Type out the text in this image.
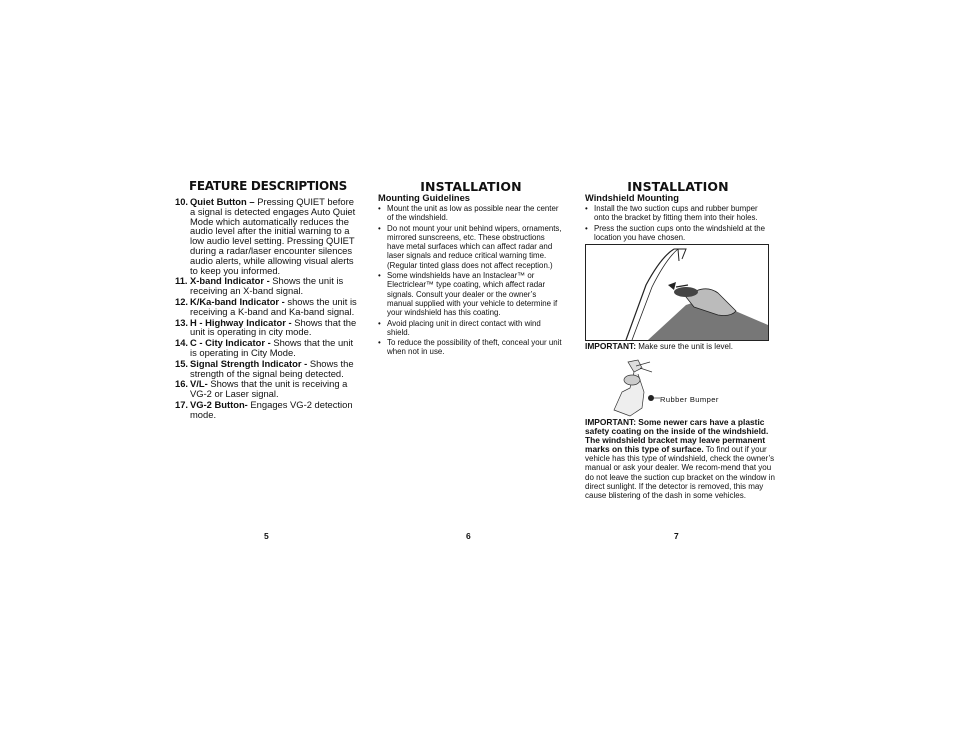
FEATURE DESCRIPTIONS
10. Quiet Button – Pressing QUIET before a signal is detected engages Auto Quiet Mode which automatically reduces the audio level after the initial warning to a low audio level setting. Pressing QUIET during a radar/laser encounter silences audio alerts, while allowing visual alerts to keep you informed.
11. X-band Indicator - Shows the unit is receiving an X-band signal.
12. K/Ka-band Indicator - shows the unit is receiving a K-band and Ka-band signal.
13. H - Highway Indicator - Shows that the unit is operating in city mode.
14. C - City Indicator - Shows that the unit is operating in City Mode.
15. Signal Strength Indicator - Shows the strength of the signal being detected.
16. V/L- Shows that the unit is receiving a VG-2 or Laser signal.
17. VG-2 Button- Engages VG-2 detection mode.
INSTALLATION
Mounting Guidelines
• Mount the unit as low as possible near the center of the windshield.
• Do not mount your unit behind wipers, ornaments, mirrored sunscreens, etc. These obstructions have metal surfaces which can affect radar and laser signals and reduce critical warning time. (Regular tinted glass does not affect reception.)
• Some windshields have an Instaclear™ or Electriclear™ type coating, which affect radar signals. Consult your dealer or the owner’s manual supplied with your vehicle to determine if your windshield has this coating.
• Avoid placing unit in direct contact with wind shield.
• To reduce the possibility of theft, conceal your unit when not in use.
INSTALLATION
Windshield Mounting
• Install the two suction cups and rubber bumper onto the bracket by fitting them into their holes.
• Press the suction cups onto the windshield at the location you have chosen.
IMPORTANT: Make sure the unit is level.
Rubber Bumper
IMPORTANT: Some newer cars have a plastic safety coating on the inside of the windshield. The windshield bracket may leave permanent marks on this type of surface. To find out if your vehicle has this type of windshield, check the owner’s manual or ask your dealer. We recom-mend that you do not leave the suction cup bracket on the window in direct sunlight. If the detector is removed, this may cause blistering of the dash in some vehicles.
5	6	7
